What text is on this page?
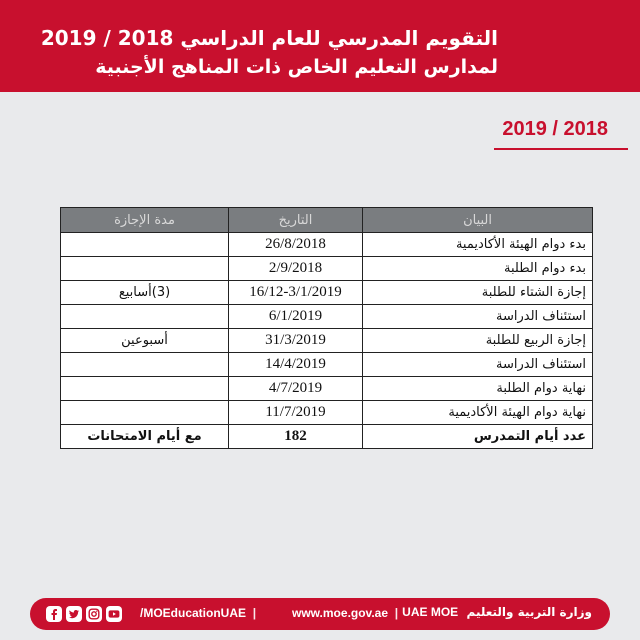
التقويم المدرسي للعام الدراسي 2018 / 2019
لمدارس التعليم الخاص ذات المناهج الأجنبية
2019 / 2018
مدة الإجازة	التاريخ	البيان
	26/8/2018	بدء دوام الهيئة الأكاديمية
	2/9/2018	بدء دوام الطلبة
(3)أسابيع	16/12-3/1/2019	إجازة الشتاء للطلبة
	6/1/2019	استئناف الدراسة
أسبوعين	31/3/2019	إجازة الربيع للطلبة
	14/4/2019	استئناف الدراسة
	4/7/2019	نهاية دوام الطلبة
	11/7/2019	نهاية دوام الهيئة الأكاديمية
مع أيام الامتحانات	182	عدد أيام التمدرس
/MOEducationUAE |	www.moe.gov.ae |	وزارة التربية والتعليم  UAE MOE
